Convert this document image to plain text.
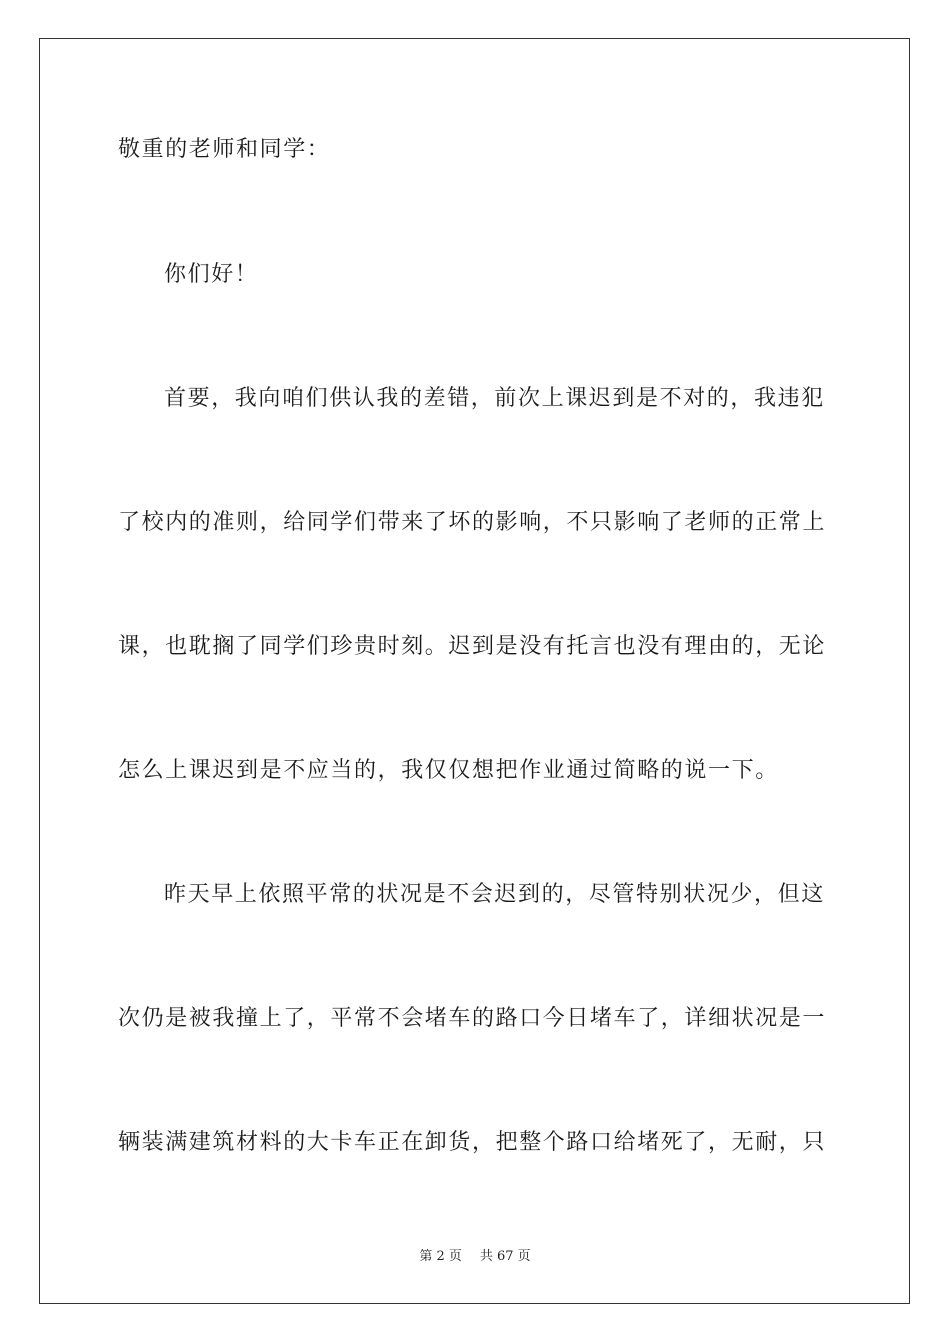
敬重的老师和同学：
你们好！
首要，我向咱们供认我的差错，前次上课迟到是不对的，我违犯
了校内的准则，给同学们带来了坏的影响，不只影响了老师的正常上
课，也耽搁了同学们珍贵时刻。迟到是没有托言也没有理由的，无论
怎么上课迟到是不应当的，我仅仅想把作业通过简略的说一下。
昨天早上依照平常的状况是不会迟到的，尽管特别状况少，但这
次仍是被我撞上了，平常不会堵车的路口今日堵车了，详细状况是一
辆装满建筑材料的大卡车正在卸货，把整个路口给堵死了，无耐，只
第 2 页 共 67 页
